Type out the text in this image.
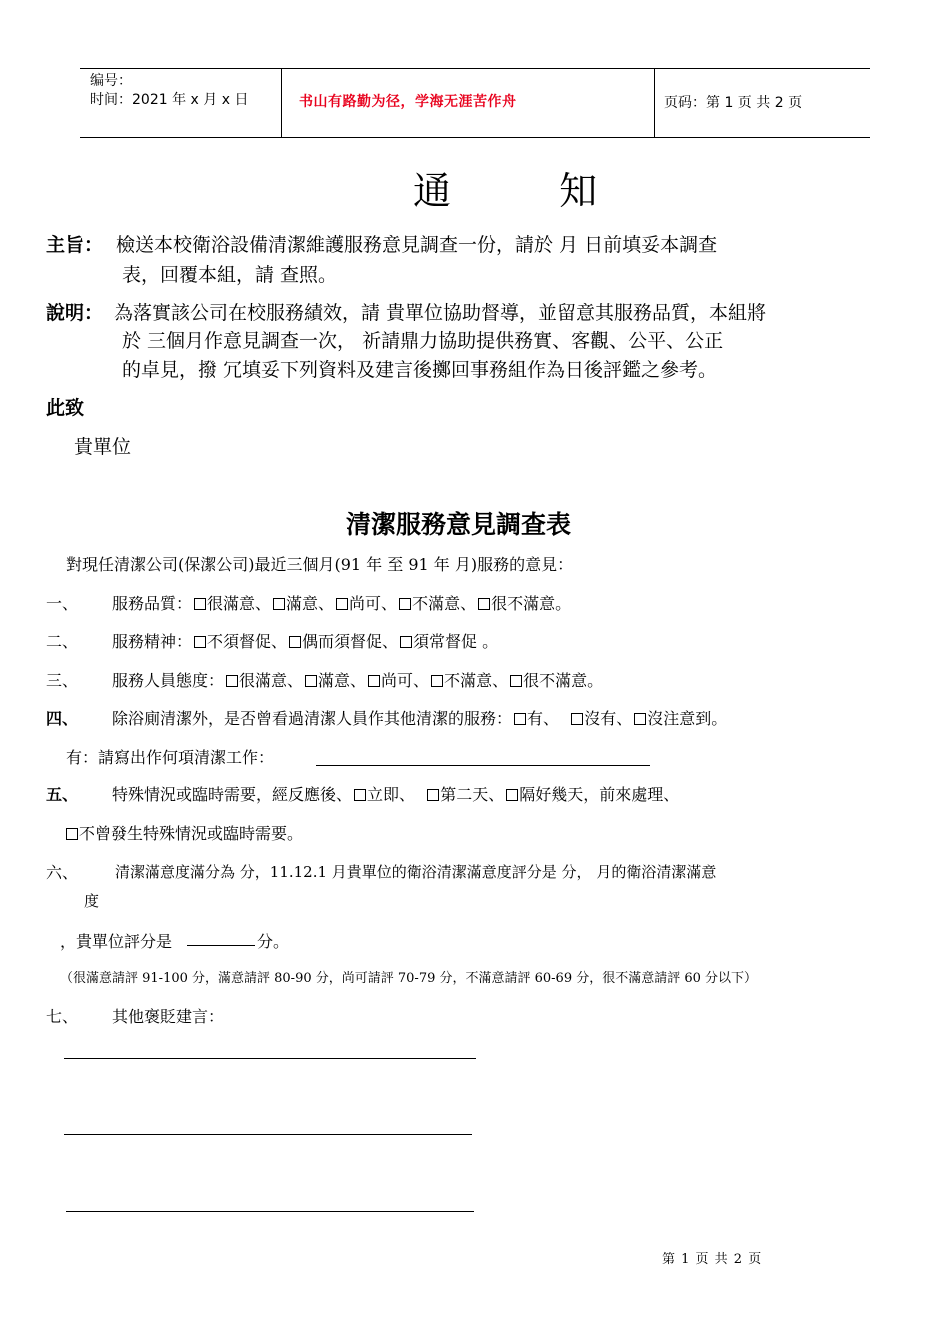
编号：
时间：2021 年 x 月 x 日	书山有路勤为径，学海无涯苦作舟	页码：第 1 页 共 2 页
通 知
主旨： 檢送本校衛浴設備清潔維護服務意見調查一份，請於 月 日前填妥本調查
表，回覆本組，請 查照。
說明： 為落實該公司在校服務績效，請 貴單位協助督導，並留意其服務品質，本組將
於 三個月作意見調查一次， 祈請鼎力協助提供務實、客觀、公平、公正
的卓見，撥 冗填妥下列資料及建言後擲回事務組作為日後評鑑之參考。
此致
貴單位
清潔服務意見調查表
對現任清潔公司(保潔公司)最近三個月(91 年 至 91 年 月)服務的意見：
一、 服務品質： 很滿意、 滿意、 尚可、 不滿意、 很不滿意。
二、 服務精神： 不須督促、 偶而須督促、 須常督促 。
三、 服務人員態度： 很滿意、 滿意、 尚可、 不滿意、 很不滿意。
四、 除浴廁清潔外，是否曾看過清潔人員作其他清潔的服務： 有、 沒有、 沒注意到。
有：請寫出作何項清潔工作：
五、 特殊情況或臨時需要，經反應後、 立即、 第二天、 隔好幾天，前來處理、
不曾發生特殊情況或臨時需要。
六、 清潔滿意度滿分為 分，11.12.1 月貴單位的衛浴清潔滿意度評分是 分， 月的衛浴清潔滿意
度
，貴單位評分是	分。
（很滿意請評 91-100 分，滿意請評 80-90 分，尚可請評 70-79 分，不滿意請評 60-69 分，很不滿意請評 60 分以下）
七、 其他褒貶建言：
第 1 页 共 2 页
